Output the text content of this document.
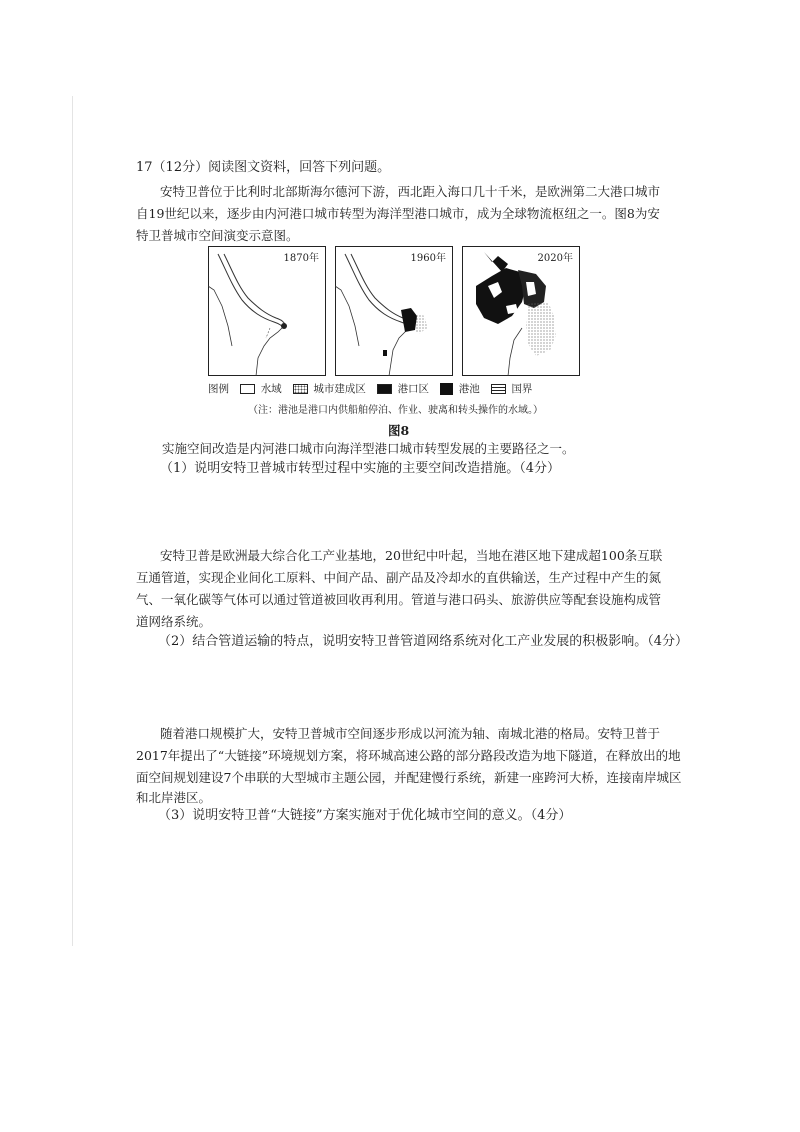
17（12分）阅读图文资料，回答下列问题。
安特卫普位于比利时北部斯海尔德河下游，西北距入海口几十千米，是欧洲第二大港口城市
自19世纪以来，逐步由内河港口城市转型为海洋型港口城市，成为全球物流枢纽之一。图8为安
特卫普城市空间演变示意图。
1870年	1960年	2020年
图例	水域	城市建成区	港口区	港池	国界
（注：港池是港口内供船舶停泊、作业、驶离和转头操作的水域。）
图8
实施空间改造是内河港口城市向海洋型港口城市转型发展的主要路径之一。
（1）说明安特卫普城市转型过程中实施的主要空间改造措施。（4分）
安特卫普是欧洲最大综合化工产业基地，20世纪中叶起，当地在港区地下建成超100条互联
互通管道，实现企业间化工原料、中间产品、副产品及冷却水的直供输送，生产过程中产生的氮
气、一氧化碳等气体可以通过管道被回收再利用。管道与港口码头、旅游供应等配套设施构成管
道网络系统。
（2）结合管道运输的特点，说明安特卫普管道网络系统对化工产业发展的积极影响。（4分）
随着港口规模扩大，安特卫普城市空间逐步形成以河流为轴、南城北港的格局。安特卫普于
2017年提出了“大链接”环境规划方案，将环城高速公路的部分路段改造为地下隧道，在释放出的地
面空间规划建设7个串联的大型城市主题公园，并配建慢行系统，新建一座跨河大桥，连接南岸城区
和北岸港区。
（3）说明安特卫普“大链接”方案实施对于优化城市空间的意义。（4分）
